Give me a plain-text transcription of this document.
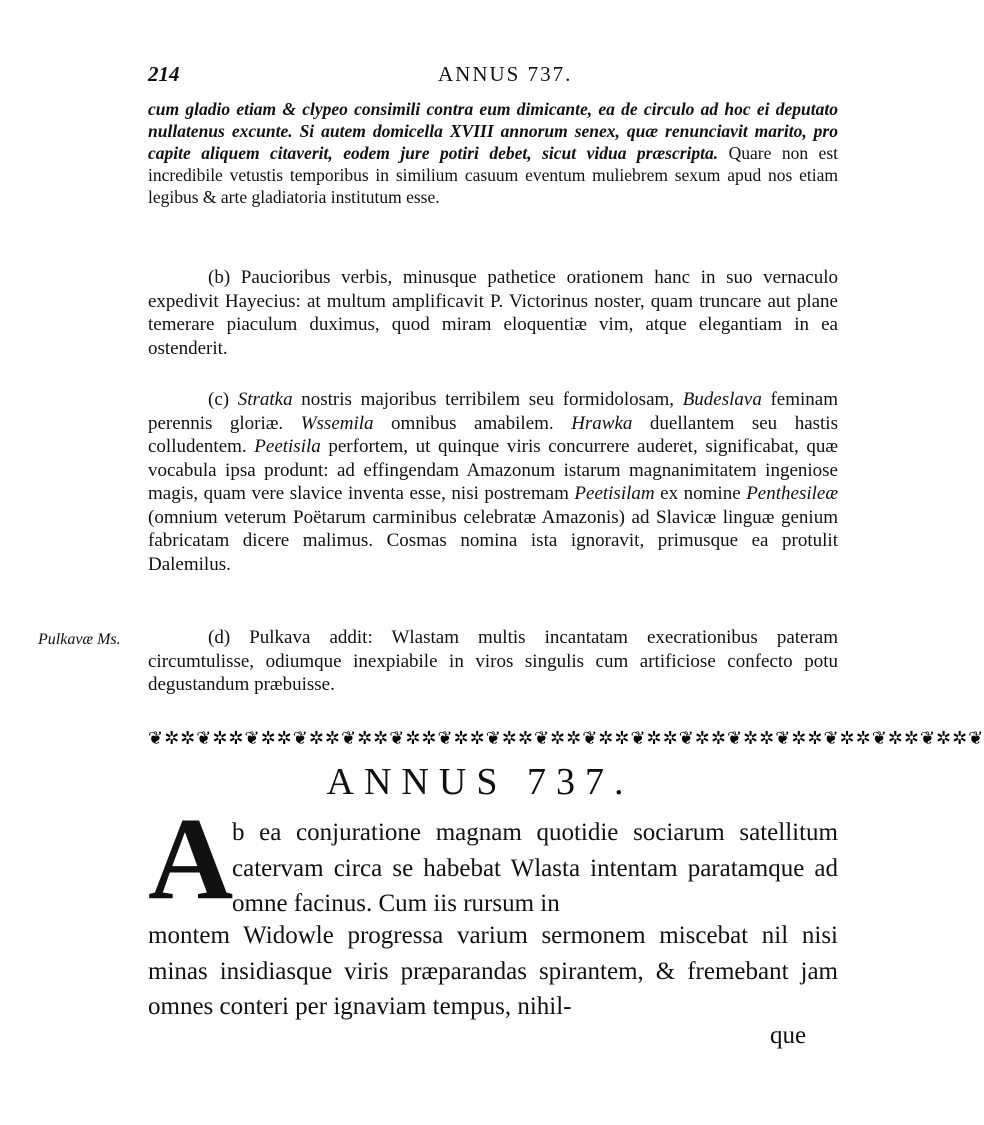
214	ANNUS 737.
cum gladio etiam & clypeo consimili contra eum dimicante, ea de circulo ad hoc ei deputato nullatenus excunte. Si autem domicella XVIII annorum senex, quæ renunciavit marito, pro capite aliquem citaverit, eodem jure potiri debet, sicut vidua præscripta. Quare non est incredibile vetustis temporibus in similium casuum eventum muliebrem sexum apud nos etiam legibus & arte gladiatoria institutum esse.
(b) Paucioribus verbis, minusque pathetice orationem hanc in suo vernaculo expedivit Hayecius: at multum amplificavit P. Victorinus noster, quam truncare aut plane temerare piaculum duximus, quod miram eloquentiæ vim, atque elegantiam in ea ostenderit.
(c) Stratka nostris majoribus terribilem seu formidolosam, Budeslava feminam perennis gloriæ. Wssemila omnibus amabilem. Hrawka duellantem seu hastis colludentem. Peetisila perfortem, ut quinque viris concurrere auderet, significabat, quæ vocabula ipsa produnt: ad effingendam Amazonum istarum magnanimitatem ingeniose magis, quam vere slavice inventa esse, nisi postremam Peetisilam ex nomine Penthesileæ (omnium veterum Poëtarum carminibus celebratæ Amazonis) ad Slavicæ linguæ genium fabricatam dicere malimus. Cosmas nomina ista ignoravit, primusque ea protulit Dalemilus.
Pulkavæ Ms.	(d) Pulkava addit: Wlastam multis incantatam execrationibus pateram circumtulisse, odiumque inexpiabile in viros singulis cum artificiose confecto potu degustandum præbuisse.
❦✲✲❦✲✲❦✲✲❦✲✲❦✲✲❦✲✲❦✲✲❦✲✲❦✲✲❦✲✲❦✲✲❦✲✲❦✲✲❦✲✲❦✲✲❦✲✲❦✲✲❦
ANNUS 737.
A
b ea conjuratione magnam quotidie sociarum satellitum catervam circa se habebat Wlasta intentam paratamque ad omne facinus. Cum iis rursum in
montem Widowle progressa varium sermonem miscebat nil nisi minas insidiasque viris præparandas spirantem, & fremebant jam omnes conteri per ignaviam tempus, nihil-
que
